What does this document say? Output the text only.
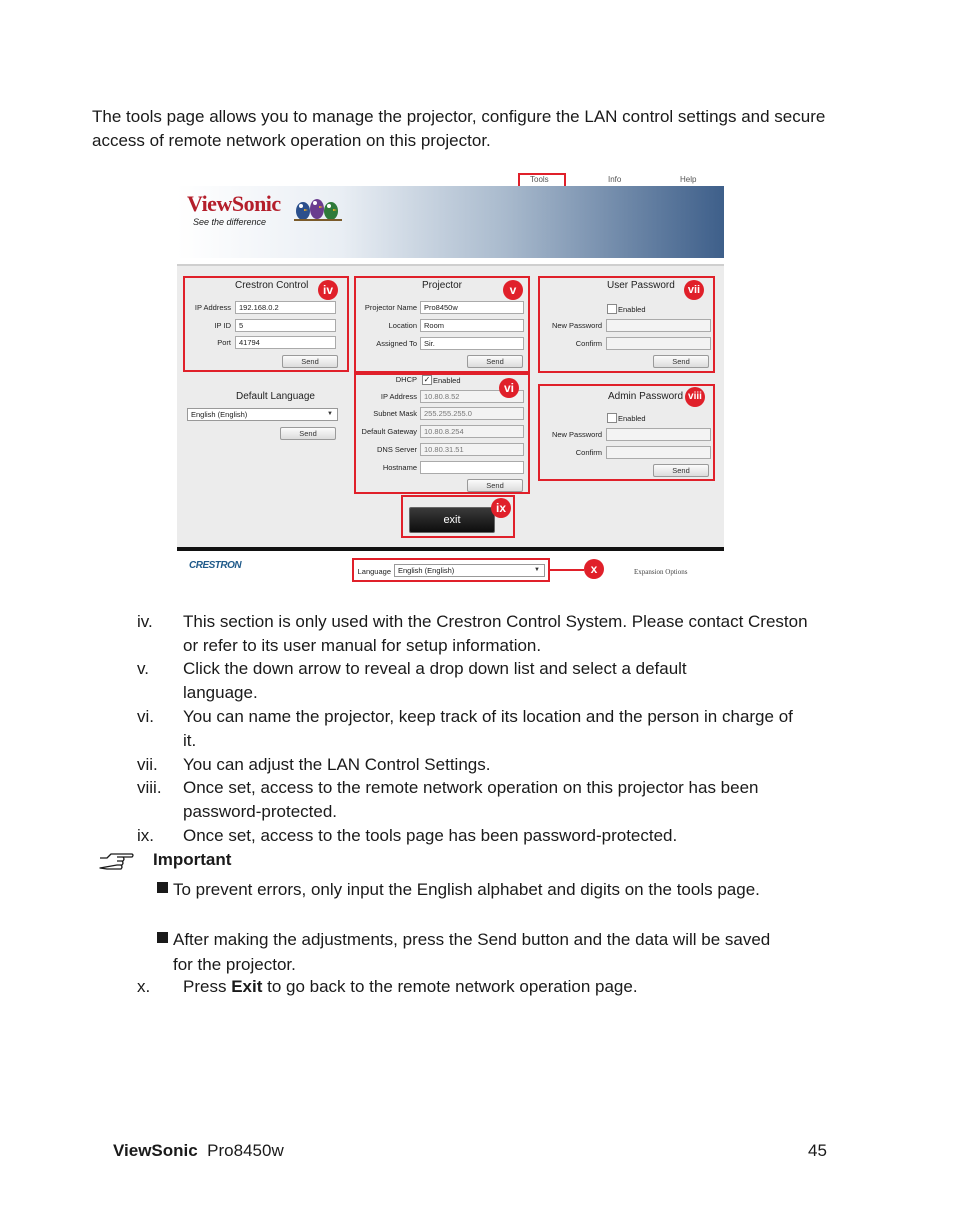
The tools page allows you to manage the projector, configure the LAN control settings and secure access of remote network operation on this projector.
Tools	Info	Help
ViewSonic
See the difference
Crestron Control
IP Address	192.168.0.2
IP ID	5
Port	41794
Send
Default Language
English (English)	▼
Send
Projector
Projector Name Pro8450w
Location Room
Assigned To Sir.
Send
DHCP ✓ Enabled
IP Address 10.80.8.52
Subnet Mask 255.255.255.0
Default Gateway 10.80.8.254
DNS Server 10.80.31.51
Hostname
Send
User Password
Enabled
New Password
Confirm
Send
Admin Password
Enabled
New Password
Confirm
Send
exit
CRESTRON
Language English (English)	▼	Expansion Options
iv	v
vi
vii
viii
ix
x
iv. This section is only used with the Crestron Control System. Please contact Creston or refer to its user manual for setup information.
v. Click the down arrow to reveal a drop down list and select a default language.
vi. You can name the projector, keep track of its location and the person in charge of it.
vii. You can adjust the LAN Control Settings.
viii. Once set, access to the remote network operation on this projector has been password-protected.
ix. Once set, access to the tools page has been password-protected.
Important
To prevent errors, only input the English alphabet and digits on the tools page.
After making the adjustments, press the Send button and the data will be saved for the projector.
x. Press Exit to go back to the remote network operation page.
ViewSonic Pro8450w	45
